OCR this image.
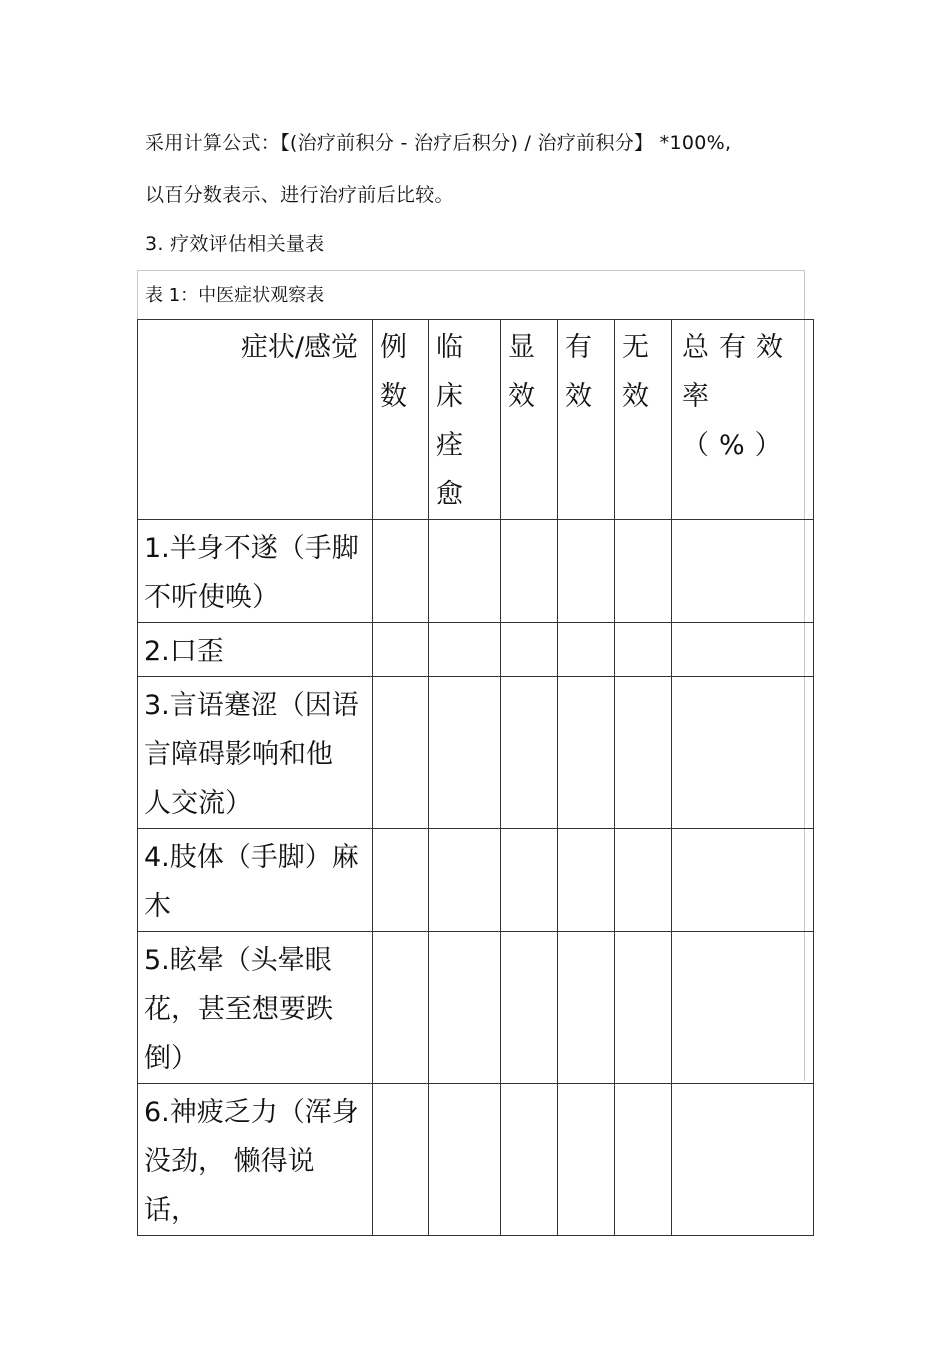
采用计算公式：【(治疗前积分 - 治疗后积分) / 治疗前积分】 *100%,
以百分数表示、进行治疗前后比较。
3. 疗效评估相关量表
表 1：中医症状观察表
症状/感觉	例数	临床痊愈	显效	有效	无效	总有效率（%）

1.半身不遂（手脚不听使唤）						

2.口歪						

3.言语蹇涩（因语言障碍影响和他人交流）						

4.肢体（手脚）麻木						

5.眩晕（头晕眼花，甚至想要跌倒）						

6.神疲乏力（浑身没劲， 懒得说话，						
